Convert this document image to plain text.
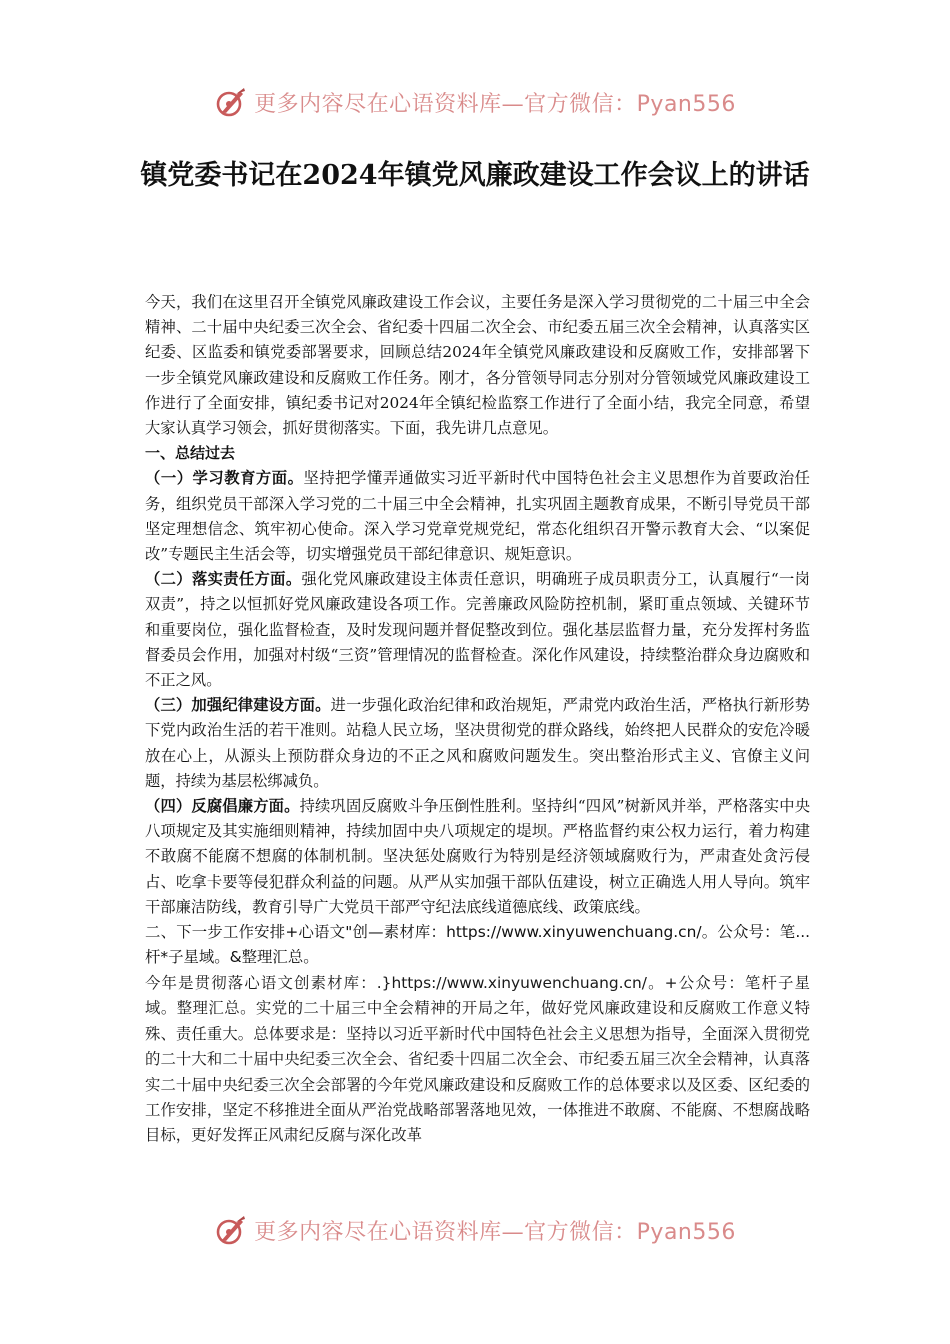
更多内容尽在心语资料库—官方微信：Pyan556
镇党委书记在2024年镇党风廉政建设工作会议上的讲话

今天，我们在这里召开全镇党风廉政建设工作会议，主要任务是深入学习贯彻党的二十届三中全会精神、二十届中央纪委三次全会、省纪委十四届二次全会、市纪委五届三次全会精神，认真落实区纪委、区监委和镇党委部署要求，回顾总结2024年全镇党风廉政建设和反腐败工作，安排部署下一步全镇党风廉政建设和反腐败工作任务。刚才，各分管领导同志分别对分管领域党风廉政建设工作进行了全面安排，镇纪委书记对2024年全镇纪检监察工作进行了全面小结，我完全同意，希望大家认真学习领会，抓好贯彻落实。下面，我先讲几点意见。

一、总结过去

（一）学习教育方面。坚持把学懂弄通做实习近平新时代中国特色社会主义思想作为首要政治任务，组织党员干部深入学习党的二十届三中全会精神，扎实巩固主题教育成果，不断引导党员干部坚定理想信念、筑牢初心使命。深入学习党章党规党纪，常态化组织召开警示教育大会、“以案促改”专题民主生活会等，切实增强党员干部纪律意识、规矩意识。

（二）落实责任方面。强化党风廉政建设主体责任意识，明确班子成员职责分工，认真履行“一岗双责”，持之以恒抓好党风廉政建设各项工作。完善廉政风险防控机制，紧盯重点领域、关键环节和重要岗位，强化监督检查，及时发现问题并督促整改到位。强化基层监督力量，充分发挥村务监督委员会作用，加强对村级“三资”管理情况的监督检查。深化作风建设，持续整治群众身边腐败和不正之风。

（三）加强纪律建设方面。进一步强化政治纪律和政治规矩，严肃党内政治生活，严格执行新形势下党内政治生活的若干准则。站稳人民立场，坚决贯彻党的群众路线，始终把人民群众的安危冷暖放在心上，从源头上预防群众身边的不正之风和腐败问题发生。突出整治形式主义、官僚主义问题，持续为基层松绑减负。

（四）反腐倡廉方面。持续巩固反腐败斗争压倒性胜利。坚持纠“四风”树新风并举，严格落实中央八项规定及其实施细则精神，持续加固中央八项规定的堤坝。严格监督约束公权力运行，着力构建不敢腐不能腐不想腐的体制机制。坚决惩处腐败行为特别是经济领域腐败行为，严肃查处贪污侵占、吃拿卡要等侵犯群众利益的问题。从严从实加强干部队伍建设，树立正确选人用人导向。筑牢干部廉洁防线，教育引导广大党员干部严守纪法底线道德底线、政策底线。

二、下一步工作安排+心语文"创—素材库：https://www.xinyuwenchuang.cn/。公众号：笔...杆*子星域。&整理汇总。

今年是贯彻落心语文创素材库：.}https://www.xinyuwenchuang.cn/。+公众号：笔杆子星域。整理汇总。实党的二十届三中全会精神的开局之年，做好党风廉政建设和反腐败工作意义特殊、责任重大。总体要求是：坚持以习近平新时代中国特色社会主义思想为指导，全面深入贯彻党的二十大和二十届中央纪委三次全会、省纪委十四届二次全会、市纪委五届三次全会精神，认真落实二十届中央纪委三次全会部署的今年党风廉政建设和反腐败工作的总体要求以及区委、区纪委的工作安排，坚定不移推进全面从严治党战略部署落地见效，一体推进不敢腐、不能腐、不想腐战略目标，更好发挥正风肃纪反腐与深化改革

更多内容尽在心语资料库—官方微信：Pyan556
